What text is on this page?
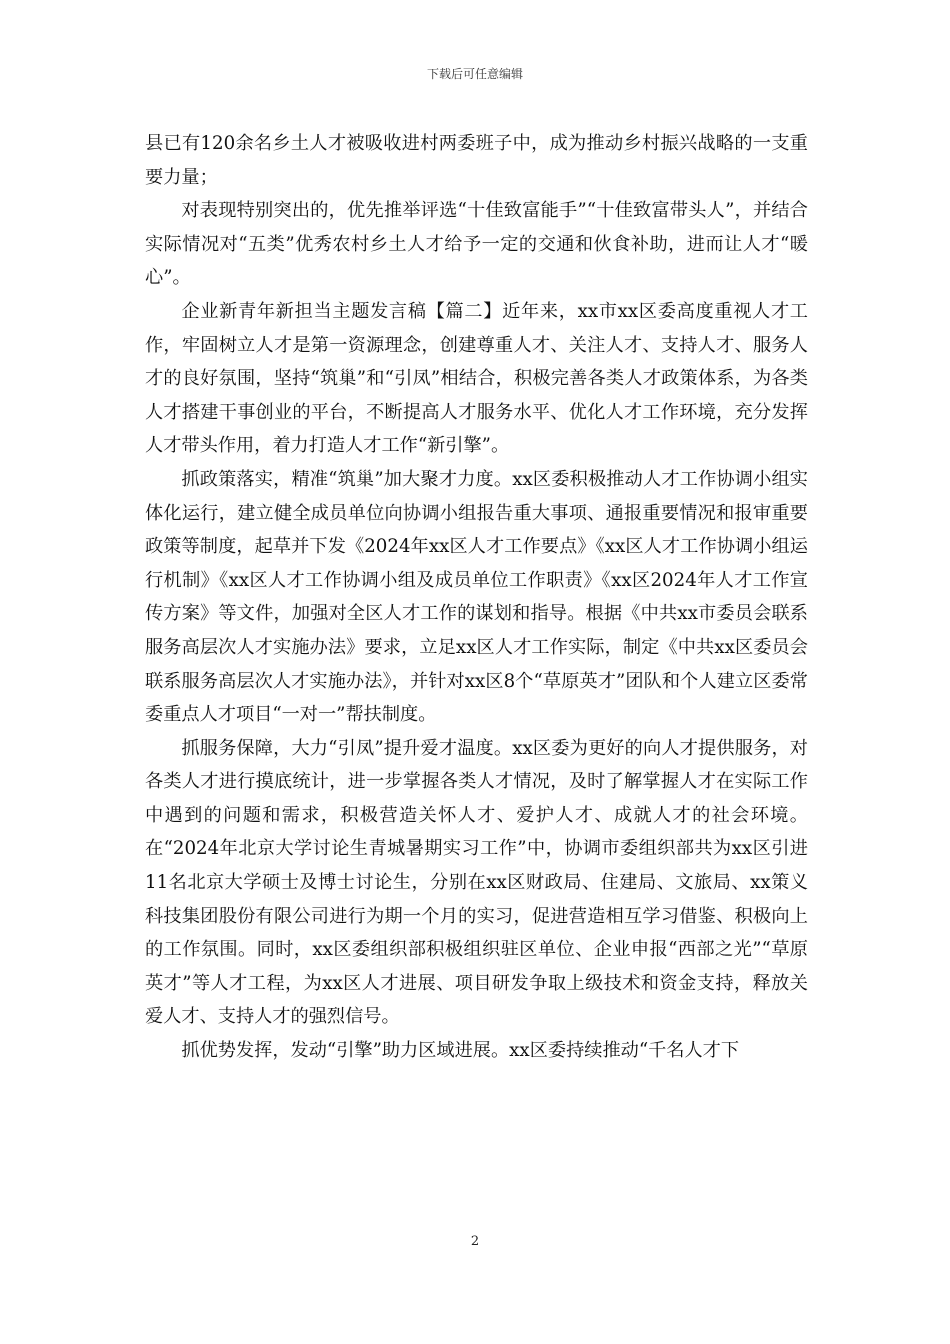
下载后可任意编辑

县已有120余名乡土人才被吸收进村两委班子中，成为推动乡村振兴战略的一支重要力量；

对表现特别突出的，优先推举评选“十佳致富能手”“十佳致富带头人”，并结合实际情况对“五类”优秀农村乡土人才给予一定的交通和伙食补助，进而让人才“暖心”。

企业新青年新担当主题发言稿【篇二】近年来，xx市xx区委高度重视人才工作，牢固树立人才是第一资源理念，创建尊重人才、关注人才、支持人才、服务人才的良好氛围，坚持“筑巢”和“引凤”相结合，积极完善各类人才政策体系，为各类人才搭建干事创业的平台，不断提高人才服务水平、优化人才工作环境，充分发挥人才带头作用，着力打造人才工作“新引擎”。

抓政策落实，精准“筑巢”加大聚才力度。xx区委积极推动人才工作协调小组实体化运行，建立健全成员单位向协调小组报告重大事项、通报重要情况和报审重要政策等制度，起草并下发《2024年xx区人才工作要点》《xx区人才工作协调小组运行机制》《xx区人才工作协调小组及成员单位工作职责》《xx区2024年人才工作宣传方案》等文件，加强对全区人才工作的谋划和指导。根据《中共xx市委员会联系服务高层次人才实施办法》要求，立足xx区人才工作实际，制定《中共xx区委员会联系服务高层次人才实施办法》，并针对xx区8个“草原英才”团队和个人建立区委常委重点人才项目“一对一”帮扶制度。

抓服务保障，大力“引凤”提升爱才温度。xx区委为更好的向人才提供服务，对各类人才进行摸底统计，进一步掌握各类人才情况，及时了解掌握人才在实际工作中遇到的问题和需求，积极营造关怀人才、爱护人才、成就人才的社会环境。在“2024年北京大学讨论生青城暑期实习工作”中，协调市委组织部共为xx区引进11名北京大学硕士及博士讨论生，分别在xx区财政局、住建局、文旅局、xx策义科技集团股份有限公司进行为期一个月的实习，促进营造相互学习借鉴、积极向上的工作氛围。同时，xx区委组织部积极组织驻区单位、企业申报“西部之光”“草原英才”等人才工程，为xx区人才进展、项目研发争取上级技术和资金支持，释放关爱人才、支持人才的强烈信号。

抓优势发挥，发动“引擎”助力区域进展。xx区委持续推动“千名人才下

2
